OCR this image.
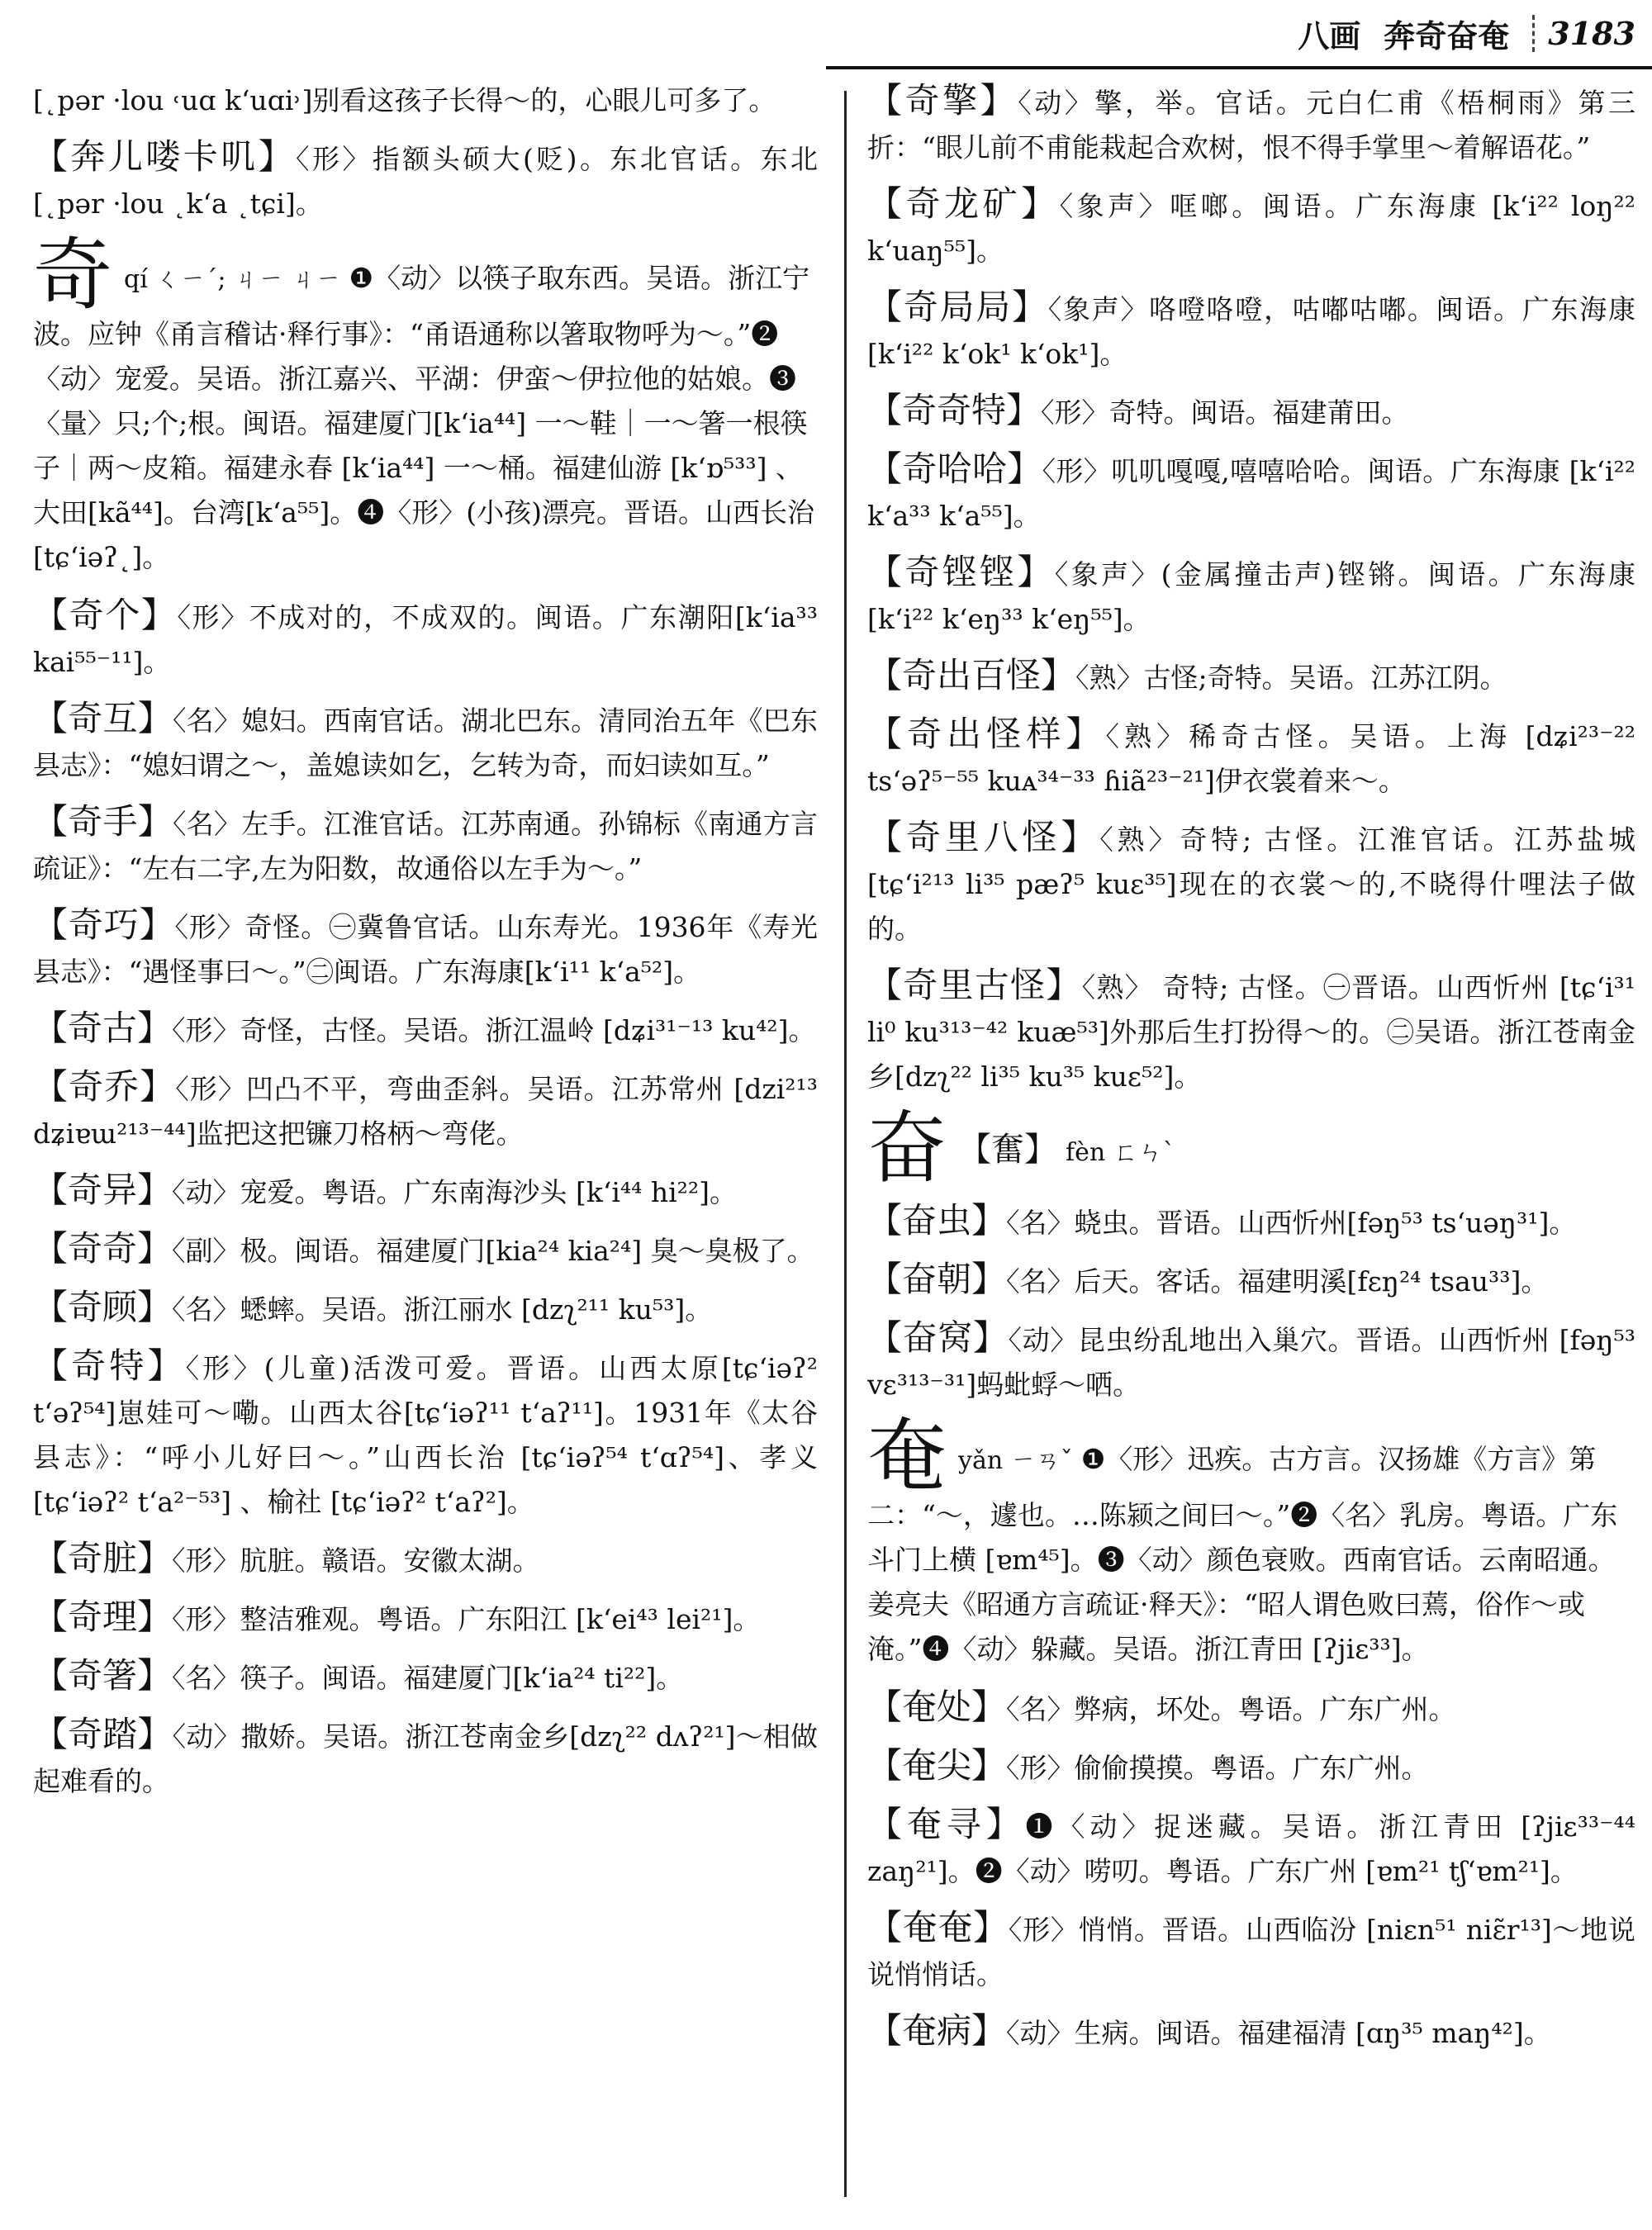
八画 奔奇奋奄	3183
[˛pər ·lou ˓uɑ k‘uɑi˒]别看这孩子长得～的，心眼儿可多了。
【奔儿喽卡叽】〈形〉指额头硕大(贬)。东北官话。东北[˛pər ·lou ˛k‘a ˛tɕi]。
奇qí ㄑㄧˊ; ㄐㄧ ㄐㄧ ❶〈动〉以筷子取东西。吴语。浙江宁波。应钟《甬言稽诂·释行事》：“甬语通称以箸取物呼为～。”❷〈动〉宠爱。吴语。浙江嘉兴、平湖：伊蛮～伊拉他的姑娘。❸〈量〉只;个;根。闽语。福建厦门[k‘ia⁴⁴] 一～鞋｜一～箸一根筷子｜两～皮箱。福建永春 [k‘ia⁴⁴] 一～桶。福建仙游 [k‘ɒ⁵³³] 、大田[kã⁴⁴]。台湾[k‘a⁵⁵]。❹〈形〉(小孩)漂亮。晋语。山西长治[tɕ‘iəʔ˛]。
【奇个】〈形〉不成对的，不成双的。闽语。广东潮阳[k‘ia³³ kai⁵⁵⁻¹¹]。
【奇互】〈名〉媳妇。西南官话。湖北巴东。清同治五年《巴东县志》：“媳妇谓之～，盖媳读如乞，乞转为奇，而妇读如互。”
【奇手】〈名〉左手。江淮官话。江苏南通。孙锦标《南通方言疏证》：“左右二字,左为阳数，故通俗以左手为～。”
【奇巧】〈形〉奇怪。㊀冀鲁官话。山东寿光。1936年《寿光县志》：“遇怪事曰～。”㊁闽语。广东海康[k‘i¹¹ k‘a⁵²]。
【奇古】〈形〉奇怪，古怪。吴语。浙江温岭 [dʑi³¹⁻¹³ ku⁴²]。
【奇乔】〈形〉凹凸不平，弯曲歪斜。吴语。江苏常州 [dzi²¹³ dʑiɐɯ²¹³⁻⁴⁴]监把这把镰刀格柄～弯佬。
【奇异】〈动〉宠爱。粤语。广东南海沙头 [k‘i⁴⁴ hi²²]。
【奇奇】〈副〉极。闽语。福建厦门[kia²⁴ kia²⁴] 臭～臭极了。
【奇顾】〈名〉蟋蟀。吴语。浙江丽水 [dzʅ²¹¹ ku⁵³]。
【奇特】〈形〉(儿童)活泼可爱。晋语。山西太原[tɕ‘iəʔ² t‘əʔ⁵⁴]崽娃可～嘞。山西太谷[tɕ‘iəʔ¹¹ t‘aʔ¹¹]。1931年《太谷县志》：“呼小儿好曰～。”山西长治 [tɕ‘iəʔ⁵⁴ t‘ɑʔ⁵⁴]、孝义 [tɕ‘iəʔ² t‘a²⁻⁵³] 、榆社 [tɕ‘iəʔ² t‘aʔ²]。
【奇脏】〈形〉肮脏。赣语。安徽太湖。
【奇理】〈形〉整洁雅观。粤语。广东阳江 [k‘ei⁴³ lei²¹]。
【奇箸】〈名〉筷子。闽语。福建厦门[k‘ia²⁴ ti²²]。
【奇踏】〈动〉撒娇。吴语。浙江苍南金乡[dzʅ²² dʌʔ²¹]～相做起难看的。
【奇擎】〈动〉擎，举。官话。元白仁甫《梧桐雨》第三折：“眼儿前不甫能栽起合欢树，恨不得手掌里～着解语花。”
【奇龙矿】〈象声〉哐啷。闽语。广东海康 [k‘i²² loŋ²² k‘uaŋ⁵⁵]。
【奇局局】〈象声〉咯噔咯噔，咕嘟咕嘟。闽语。广东海康[k‘i²² k‘ok¹ k‘ok¹]。
【奇奇特】〈形〉奇特。闽语。福建莆田。
【奇哈哈】〈形〉叽叽嘎嘎,嘻嘻哈哈。闽语。广东海康 [k‘i²² k‘a³³ k‘a⁵⁵]。
【奇铿铿】〈象声〉(金属撞击声)铿锵。闽语。广东海康 [k‘i²² k‘eŋ³³ k‘eŋ⁵⁵]。
【奇出百怪】〈熟〉古怪;奇特。吴语。江苏江阴。
【奇出怪样】〈熟〉稀奇古怪。吴语。上海 [dʑi²³⁻²² ts‘əʔ⁵⁻⁵⁵ kuᴀ³⁴⁻³³ ɦiã²³⁻²¹]伊衣裳着来～。
【奇里八怪】〈熟〉奇特; 古怪。江淮官话。江苏盐城 [tɕ‘i²¹³ li³⁵ pæʔ⁵ kuɛ³⁵]现在的衣裳～的,不晓得什哩法子做的。
【奇里古怪】〈熟〉 奇特; 古怪。㊀晋语。山西忻州 [tɕ‘i³¹ li⁰ ku³¹³⁻⁴² kuæ⁵³]外那后生打扮得～的。㊁吴语。浙江苍南金乡[dzʅ²² li³⁵ ku³⁵ kuɛ⁵²]。
奋 【奮】 fèn ㄈㄣˋ
【奋虫】〈名〉蛲虫。晋语。山西忻州[fəŋ⁵³ ts‘uəŋ³¹]。
【奋朝】〈名〉后天。客话。福建明溪[fɛŋ²⁴ tsau³³]。
【奋窝】〈动〉昆虫纷乱地出入巢穴。晋语。山西忻州 [fəŋ⁵³ vɛ³¹³⁻³¹]蚂蚍蜉～哂。
奄yǎn ㄧㄢˇ ❶〈形〉迅疾。古方言。汉扬雄《方言》第二：“～，遽也。…陈颍之间曰～。”❷〈名〉乳房。粤语。广东斗门上横 [ɐm⁴⁵]。❸〈动〉颜色衰败。西南官话。云南昭通。姜亮夫《昭通方言疏证·释天》：“昭人谓色败曰蔫，俗作～或淹。”❹〈动〉躲藏。吴语。浙江青田 [ʔjiɛ³³]。
【奄处】〈名〉弊病，坏处。粤语。广东广州。
【奄尖】〈形〉偷偷摸摸。粤语。广东广州。
【奄寻】❶〈动〉捉迷藏。吴语。浙江青田 [ʔjiɛ³³⁻⁴⁴ zaŋ²¹]。❷〈动〉唠叨。粤语。广东广州 [ɐm²¹ tʃ‘ɐm²¹]。
【奄奄】〈形〉悄悄。晋语。山西临汾 [niɛn⁵¹ niɛ̃r¹³]～地说说悄悄话。
【奄病】〈动〉生病。闽语。福建福清 [ɑŋ³⁵ maŋ⁴²]。
